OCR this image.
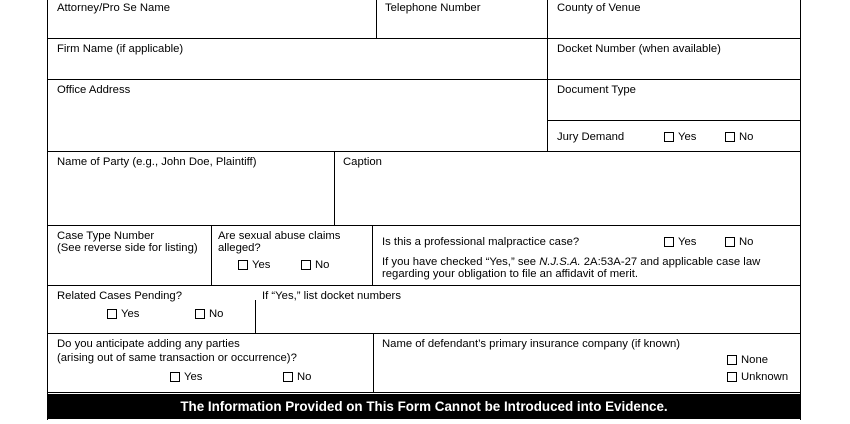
Attorney/Pro Se Name	Telephone Number	County of Venue
Firm Name (if applicable)	Docket Number (when available)
Office Address	Document Type
Jury Demand	Yes	No
Name of Party (e.g., John Doe, Plaintiff)	Caption
Case Type Number
(See reverse side for listing)
Are sexual abuse claims
alleged?
Yes	No
Is this a professional malpractice case?	Yes	No
If you have checked “Yes,” see N.J.S.A. 2A:53A-27 and applicable case law
regarding your obligation to file an affidavit of merit.
Related Cases Pending?
Yes	No
If “Yes,” list docket numbers
Do you anticipate adding any parties
(arising out of same transaction or occurrence)?
Yes	No
Name of defendant’s primary insurance company (if known)
None
Unknown
The Information Provided on This Form Cannot be Introduced into Evidence.
